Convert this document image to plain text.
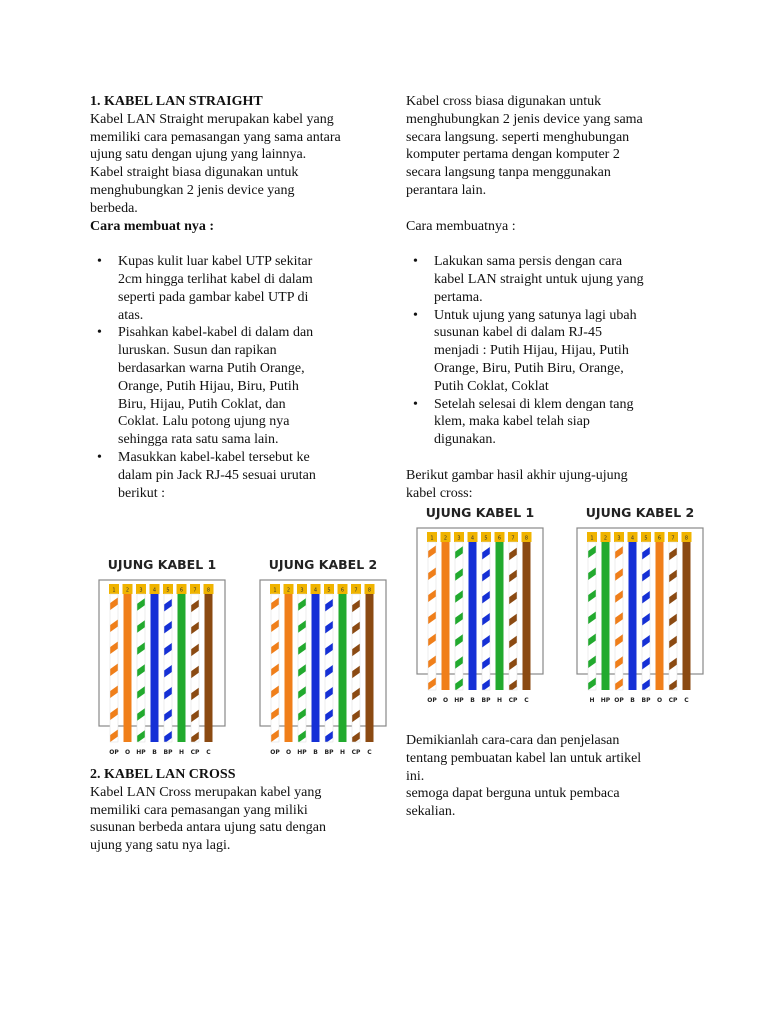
1. KABEL LAN STRAIGHT

Kabel LAN Straight merupakan kabel yang

memiliki cara pemasangan yang sama antara

ujung satu dengan ujung yang lainnya.

Kabel straight biasa digunakan untuk

menghubungkan 2 jenis device yang

berbeda.

Cara membuat nya :

• Kupas kulit luar kabel UTP sekitar

2cm hingga terlihat kabel di dalam

seperti pada gambar kabel UTP di

atas.

• Pisahkan kabel-kabel di dalam dan

luruskan. Susun dan rapikan

berdasarkan warna Putih Orange,

Orange, Putih Hijau, Biru, Putih

Biru, Hijau, Putih Coklat, dan

Coklat. Lalu potong ujung nya

sehingga rata satu sama lain.

• Masukkan kabel-kabel tersebut ke

dalam pin Jack RJ-45 sesuai urutan

berikut :

2. KABEL LAN CROSS

Kabel LAN Cross merupakan kabel yang

memiliki cara pemasangan yang miliki

susunan berbeda antara ujung satu dengan

ujung yang satu nya lagi.

Kabel cross biasa digunakan untuk

menghubungkan 2 jenis device yang sama

secara langsung. seperti menghubungan

komputer pertama dengan komputer 2

secara langsung tanpa menggunakan

perantara lain.

Cara membuatnya :

• Lakukan sama persis dengan cara

kabel LAN straight untuk ujung yang

pertama.

• Untuk ujung yang satunya lagi ubah

susunan kabel di dalam RJ-45

menjadi : Putih Hijau, Hijau, Putih

Orange, Biru, Putih Biru, Orange,

Putih Coklat, Coklat

• Setelah selesai di klem dengan tang

klem, maka kabel telah siap

digunakan.

Berikut gambar hasil akhir ujung-ujung

kabel cross:

Demikianlah cara-cara dan penjelasan

tentang pembuatan kabel lan untuk artikel

ini.

semoga dapat berguna untuk pembaca

sekalian.

UJUNG KABEL 1
1
OP
2
O
3
HP
4
B
5
BP
6
H
7
CP
8
C
UJUNG KABEL 2
1
OP
2
O
3
HP
4
B
5
BP
6
H
7
CP
8
C
UJUNG KABEL 1
1
OP
2
O
3
HP
4
B
5
BP
6
H
7
CP
8
C
UJUNG KABEL 2
1
H
2
HP
3
OP
4
B
5
BP
6
O
7
CP
8
C
